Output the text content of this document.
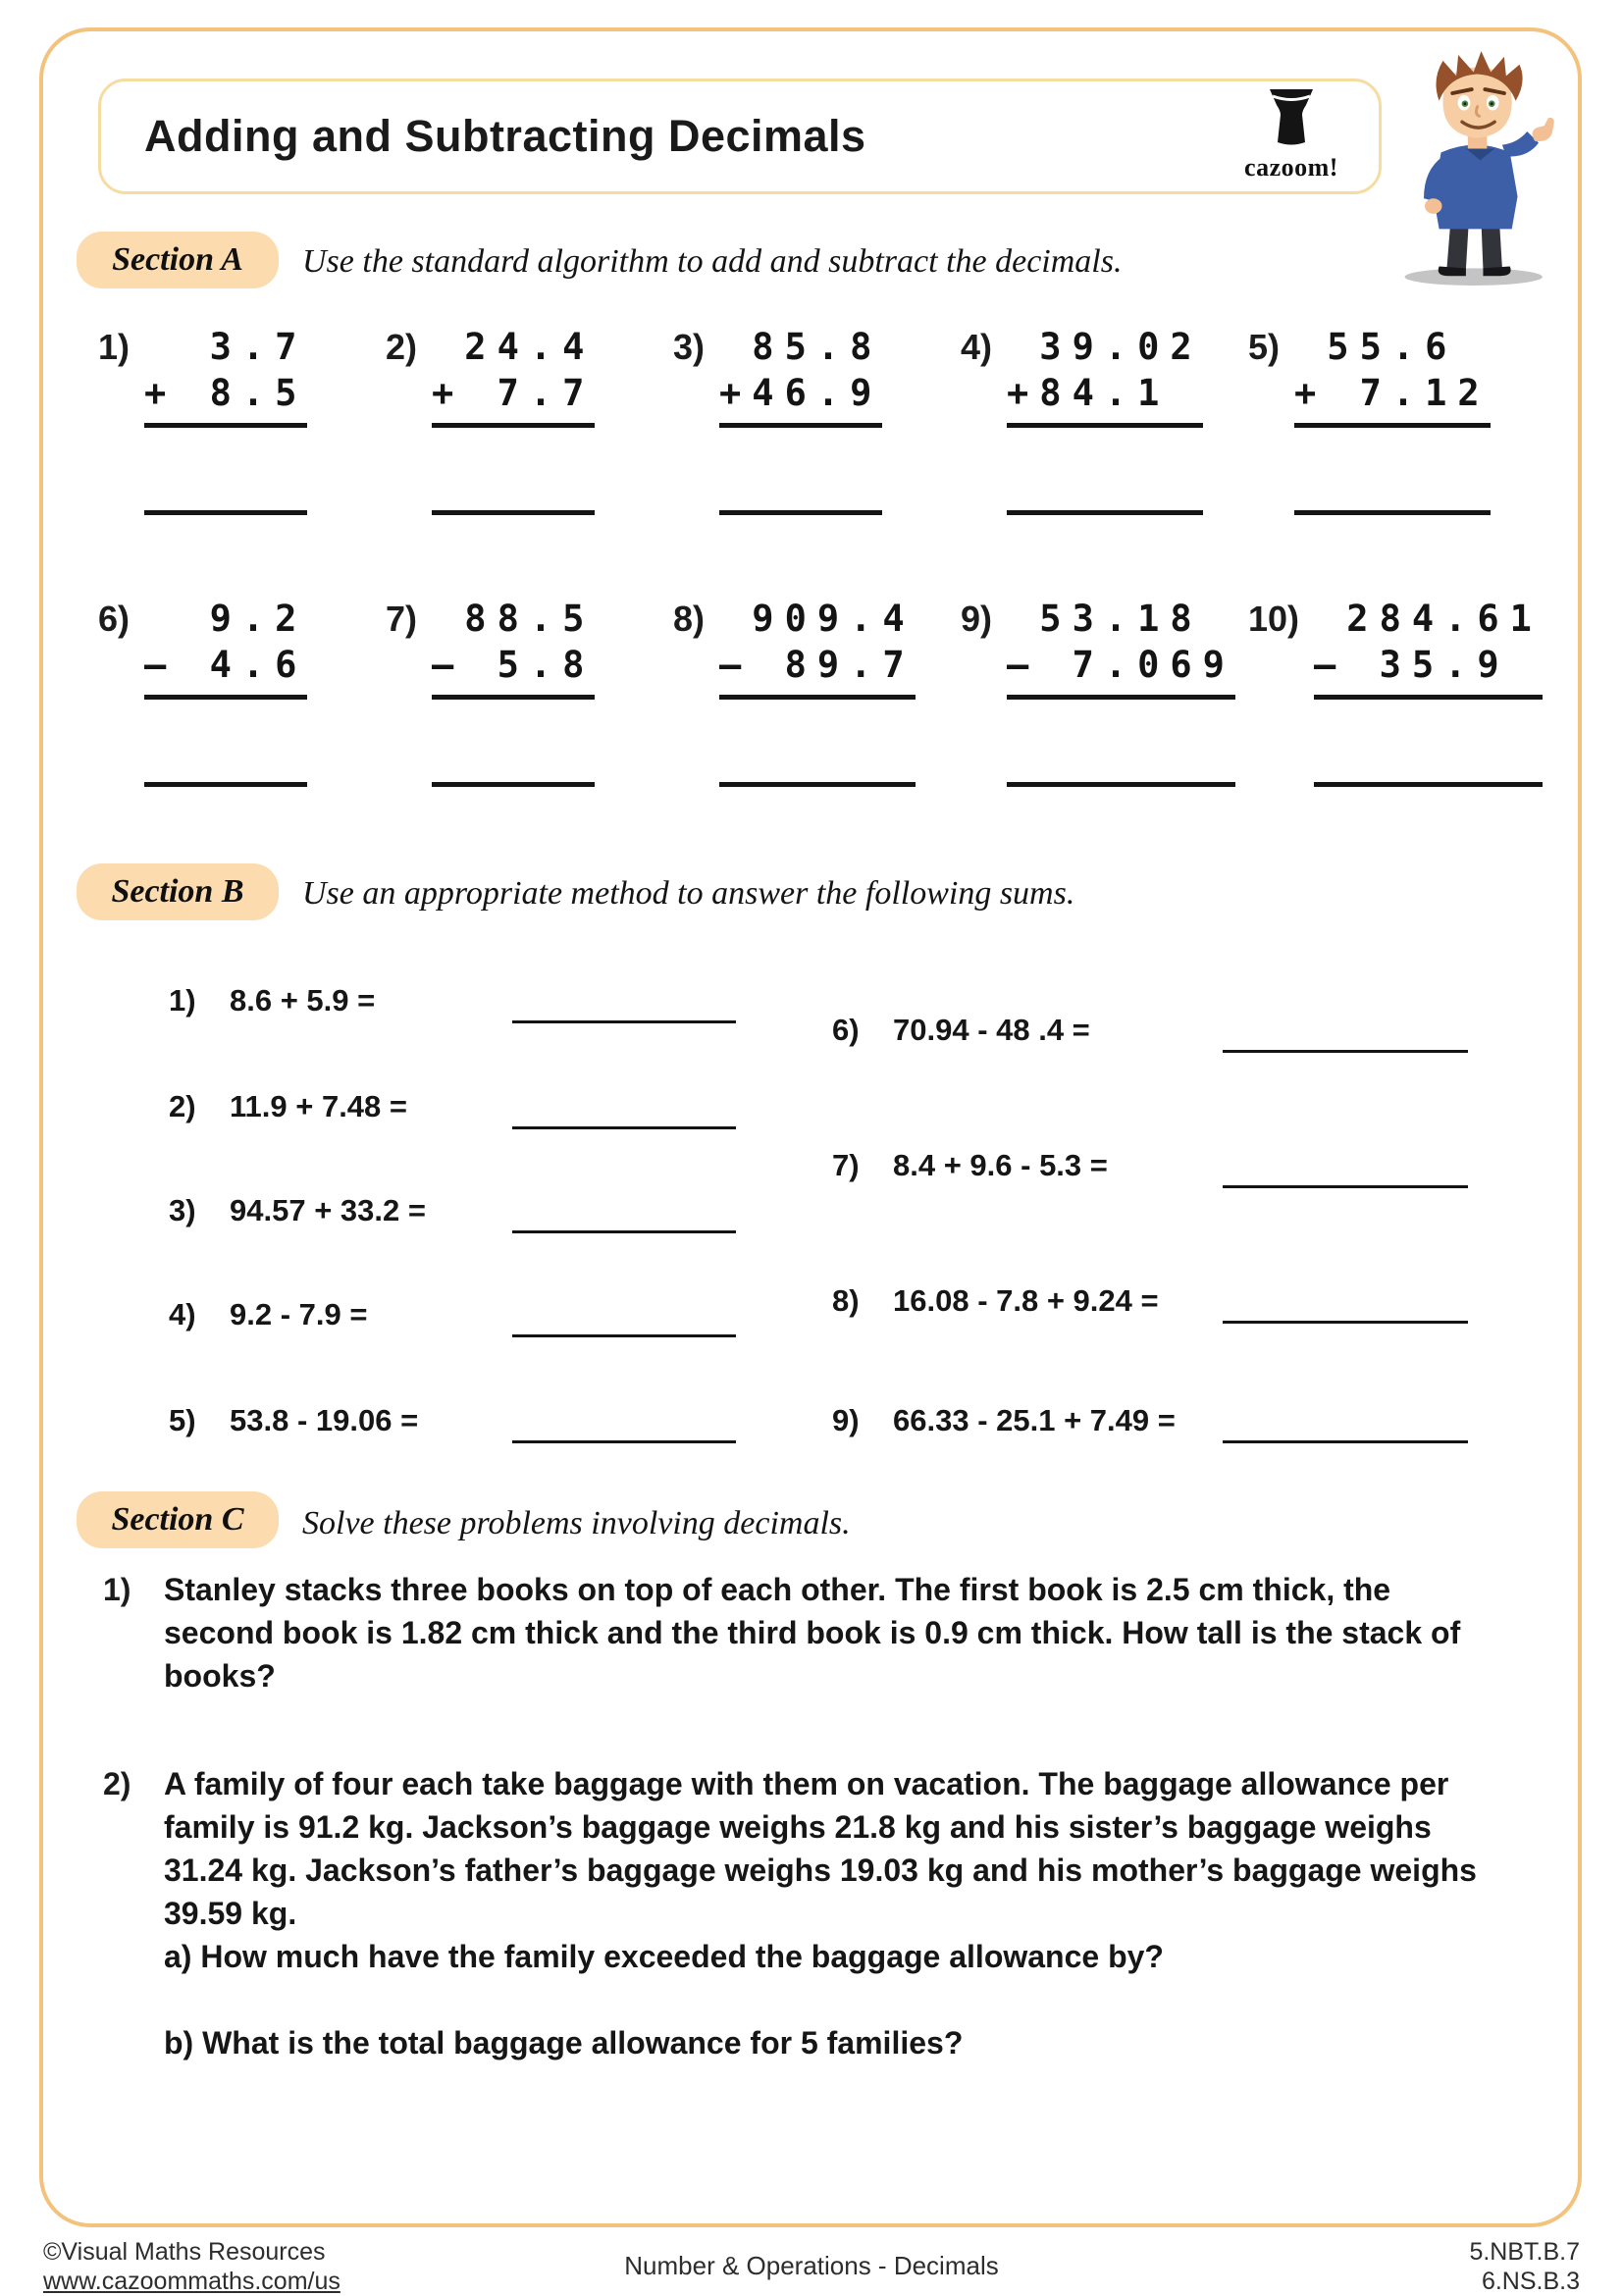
Adding and Subtracting Decimals
cazoom!
Section A	Use the standard algorithm to add and subtract the decimals.
1) 3.7
+ 8.5
2) 24.4
+ 7.7
3) 85.8
+46.9
4) 39.02
+84.1
5) 55.6
+ 7.12
6) 9.2
– 4.6
7) 88.5
– 5.8
8) 909.4
– 89.7
9) 53.18
– 7.069
10) 284.61
– 35.9
Section B	Use an appropriate method to answer the following sums.
1) 8.6 + 5.9 =
2) 11.9 + 7.48 =
3) 94.57 + 33.2 =
4) 9.2 - 7.9 =
5) 53.8 - 19.06 =
6) 70.94 - 48 .4 =
7) 8.4 + 9.6 - 5.3 =
8) 16.08 - 7.8 + 9.24 =
9) 66.33 - 25.1 + 7.49 =
Section C	Solve these problems involving decimals.
1)	Stanley stacks three books on top of each other. The first book is 2.5 cm thick, the second book is 1.82 cm thick and the third book is 0.9 cm thick. How tall is the stack of books?
2)	A family of four each take baggage with them on vacation. The baggage allowance per family is 91.2 kg. Jackson’s baggage weighs 21.8 kg and his sister’s baggage weighs 31.24 kg. Jackson’s father’s baggage weighs 19.03 kg and his mother’s baggage weighs 39.59 kg.
a) How much have the family exceeded the baggage allowance by?
b) What is the total baggage allowance for 5 families?
©Visual Maths Resources
www.cazoommaths.com/us
Number & Operations - Decimals	5.NBT.B.7
6.NS.B.3
